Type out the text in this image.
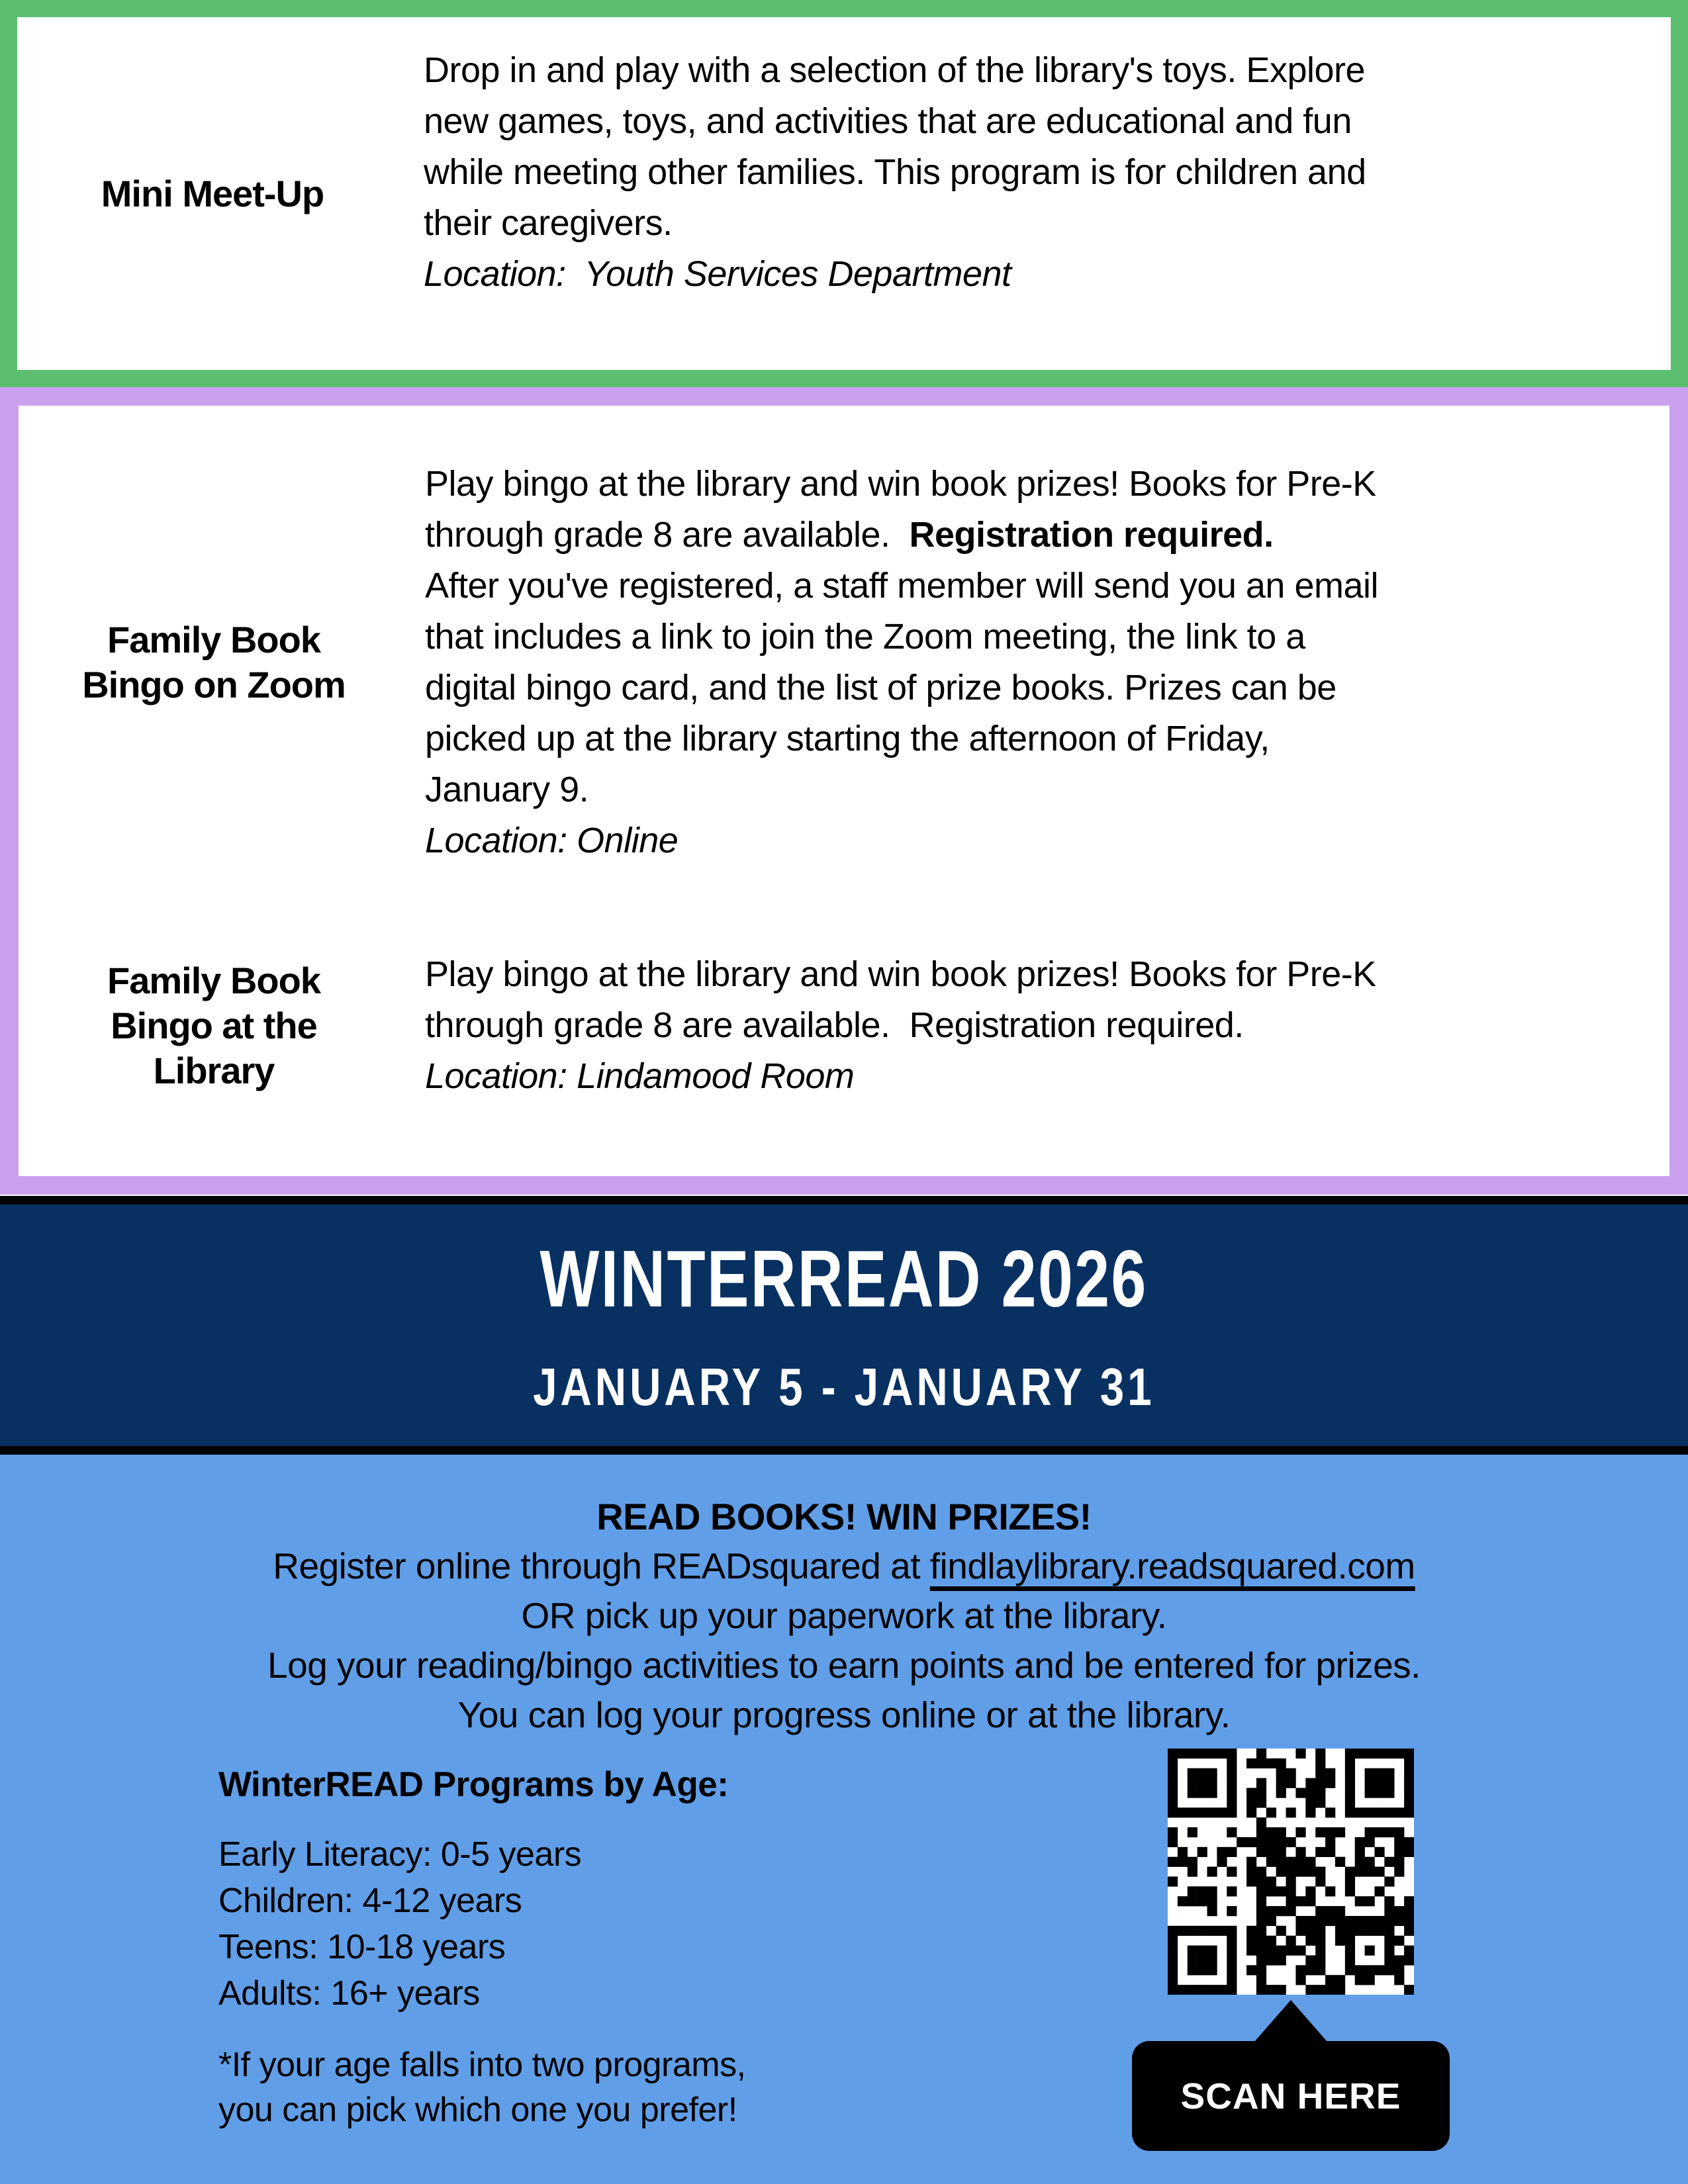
Mini Meet-Up
Drop in and play with a selection of the library's toys. Explore
new games, toys, and activities that are educational and fun
while meeting other families. This program is for children and
their caregivers.
Location:  Youth Services Department
Family Book
Bingo on Zoom
Play bingo at the library and win book prizes! Books for Pre-K
through grade 8 are available.  Registration required.
After you've registered, a staff member will send you an email
that includes a link to join the Zoom meeting, the link to a
digital bingo card, and the list of prize books. Prizes can be
picked up at the library starting the afternoon of Friday,
January 9.
Location: Online
Family Book
Bingo at the
Library
Play bingo at the library and win book prizes! Books for Pre-K
through grade 8 are available.  Registration required.
Location: Lindamood Room
WINTERREAD 2026
JANUARY 5 - JANUARY 31
READ BOOKS! WIN PRIZES!
Register online through READsquared at findlaylibrary.readsquared.com
OR pick up your paperwork at the library.
Log your reading/bingo activities to earn points and be entered for prizes.
You can log your progress online or at the library.
WinterREAD Programs by Age:
Early Literacy: 0-5 years
Children: 4-12 years
Teens: 10-18 years
Adults: 16+ years
*If your age falls into two programs,
you can pick which one you prefer!	SCAN HERE
